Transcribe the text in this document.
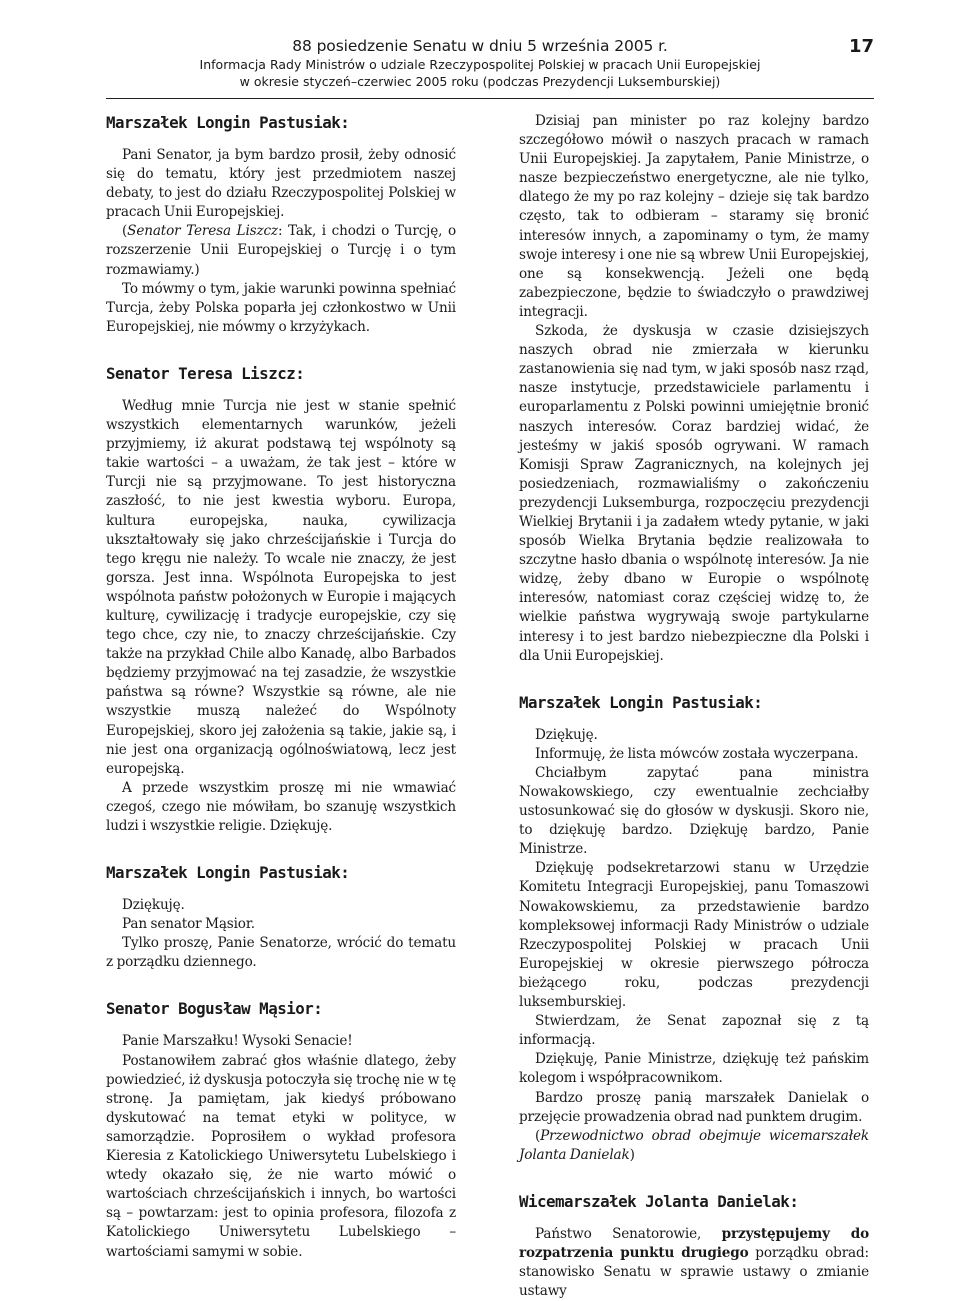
88 posiedzenie Senatu w dniu 5 września 2005 r.
Informacja Rady Ministrów o udziale Rzeczypospolitej Polskiej w pracach Unii Europejskiej
w okresie styczeń–czerwiec 2005 roku (podczas Prezydencji Luksemburskiej)
17
Marszałek Longin Pastusiak:

Pani Senator, ja bym bardzo prosił, żeby odnosić się do tematu, który jest przedmiotem naszej debaty, to jest do działu Rzeczypospolitej Polskiej w pracach Unii Europejskiej.

(Senator Teresa Liszcz: Tak, i chodzi o Turcję, o rozszerzenie Unii Europejskiej o Turcję i o tym rozmawiamy.)

To mówmy o tym, jakie warunki powinna spełniać Turcja, żeby Polska poparła jej członkostwo w Unii Europejskiej, nie mówmy o krzyżykach.

Senator Teresa Liszcz:

Według mnie Turcja nie jest w stanie spełnić wszystkich elementarnych warunków, jeżeli przyjmiemy, iż akurat podstawą tej wspólnoty są takie wartości – a uważam, że tak jest – które w Turcji nie są przyjmowane. To jest historyczna zaszłość, to nie jest kwestia wyboru. Europa, kultura europejska, nauka, cywilizacja ukształtowały się jako chrześcijańskie i Turcja do tego kręgu nie należy. To wcale nie znaczy, że jest gorsza. Jest inna. Wspólnota Europejska to jest wspólnota państw położonych w Europie i mających kulturę, cywilizację i tradycje europejskie, czy się tego chce, czy nie, to znaczy chrześcijańskie. Czy także na przykład Chile albo Kanadę, albo Barbados będziemy przyjmować na tej zasadzie, że wszystkie państwa są równe? Wszystkie są równe, ale nie wszystkie muszą należeć do Wspólnoty Europejskiej, skoro jej założenia są takie, jakie są, i nie jest ona organizacją ogólnoświatową, lecz jest europejską.

A przede wszystkim proszę mi nie wmawiać czegoś, czego nie mówiłam, bo szanuję wszystkich ludzi i wszystkie religie. Dziękuję.

Marszałek Longin Pastusiak:

Dziękuję.

Pan senator Mąsior.

Tylko proszę, Panie Senatorze, wrócić do tematu z porządku dziennego.

Senator Bogusław Mąsior:

Panie Marszałku! Wysoki Senacie!

Postanowiłem zabrać głos właśnie dlatego, żeby powiedzieć, iż dyskusja potoczyła się trochę nie w tę stronę. Ja pamiętam, jak kiedyś próbowano dyskutować na temat etyki w polityce, w samorządzie. Poprosiłem o wykład profesora Kieresia z Katolickiego Uniwersytetu Lubelskiego i wtedy okazało się, że nie warto mówić o wartościach chrześcijańskich i innych, bo wartości są – powtarzam: jest to opinia profesora, filozofa z Katolickiego Uniwersytetu Lubelskiego – wartościami samymi w sobie.

Dzisiaj pan minister po raz kolejny bardzo szczegółowo mówił o naszych pracach w ramach Unii Europejskiej. Ja zapytałem, Panie Ministrze, o nasze bezpieczeństwo energetyczne, ale nie tylko, dlatego że my po raz kolejny – dzieje się tak bardzo często, tak to odbieram – staramy się bronić interesów innych, a zapominamy o tym, że mamy swoje interesy i one nie są wbrew Unii Europejskiej, one są konsekwencją. Jeżeli one będą zabezpieczone, będzie to świadczyło o prawdziwej integracji.

Szkoda, że dyskusja w czasie dzisiejszych naszych obrad nie zmierzała w kierunku zastanowienia się nad tym, w jaki sposób nasz rząd, nasze instytucje, przedstawiciele parlamentu i europarlamentu z Polski powinni umiejętnie bronić naszych interesów. Coraz bardziej widać, że jesteśmy w jakiś sposób ogrywani. W ramach Komisji Spraw Zagranicznych, na kolejnych jej posiedzeniach, rozmawialiśmy o zakończeniu prezydencji Luksemburga, rozpoczęciu prezydencji Wielkiej Brytanii i ja zadałem wtedy pytanie, w jaki sposób Wielka Brytania będzie realizowała to szczytne hasło dbania o wspólnotę interesów. Ja nie widzę, żeby dbano w Europie o wspólnotę interesów, natomiast coraz częściej widzę to, że wielkie państwa wygrywają swoje partykularne interesy i to jest bardzo niebezpieczne dla Polski i dla Unii Europejskiej.

Marszałek Longin Pastusiak:

Dziękuję.

Informuję, że lista mówców została wyczerpana.

Chciałbym zapytać pana ministra Nowakowskiego, czy ewentualnie zechciałby ustosunkować się do głosów w dyskusji. Skoro nie, to dziękuję bardzo. Dziękuję bardzo, Panie Ministrze.

Dziękuję podsekretarzowi stanu w Urzędzie Komitetu Integracji Europejskiej, panu Tomaszowi Nowakowskiemu, za przedstawienie bardzo kompleksowej informacji Rady Ministrów o udziale Rzeczypospolitej Polskiej w pracach Unii Europejskiej w okresie pierwszego półrocza bieżącego roku, podczas prezydencji luksemburskiej.

Stwierdzam, że Senat zapoznał się z tą informacją.

Dziękuję, Panie Ministrze, dziękuję też pańskim kolegom i współpracownikom.

Bardzo proszę panią marszałek Danielak o przejęcie prowadzenia obrad nad punktem drugim.

(Przewodnictwo obrad obejmuje wicemarszałek Jolanta Danielak)

Wicemarszałek Jolanta Danielak:

Państwo Senatorowie, przystępujemy do rozpatrzenia punktu drugiego porządku obrad: stanowisko Senatu w sprawie ustawy o zmianie ustawy
